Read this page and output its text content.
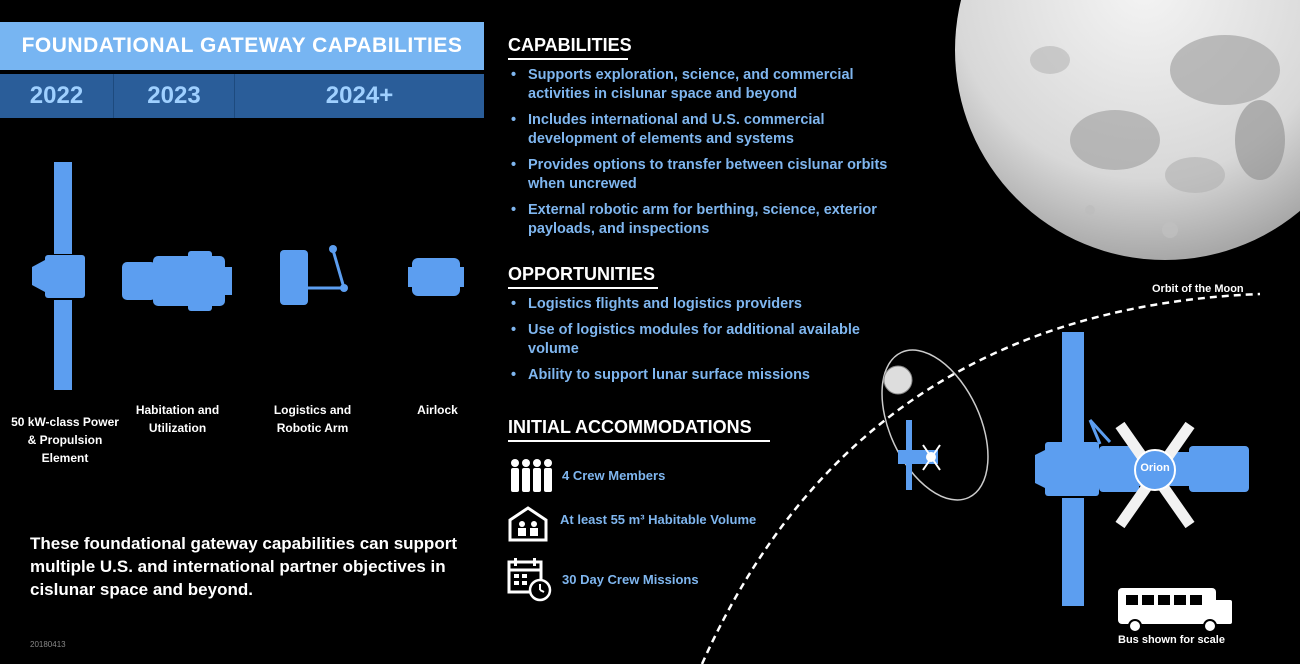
FOUNDATIONAL GATEWAY CAPABILITIES
2022	2023	2024+
50 kW-class Power & Propulsion Element
Habitation and Utilization
Logistics and Robotic Arm
Airlock
These foundational gateway capabilities can support multiple U.S. and international partner objectives in cislunar space and beyond.
20180413
Orbit of the Moon
Orion
Bus shown for scale
CAPABILITIES
• Supports exploration, science, and commercial activities in cislunar space and beyond
• Includes international and U.S. commercial development of elements and systems
• Provides options to transfer between cislunar orbits when uncrewed
• External robotic arm for berthing, science, exterior payloads, and inspections
OPPORTUNITIES
• Logistics flights and logistics providers
• Use of logistics modules for additional available volume
• Ability to support lunar surface missions
INITIAL ACCOMMODATIONS
4 Crew Members
At least 55 m³ Habitable Volume
30 Day Crew Missions
